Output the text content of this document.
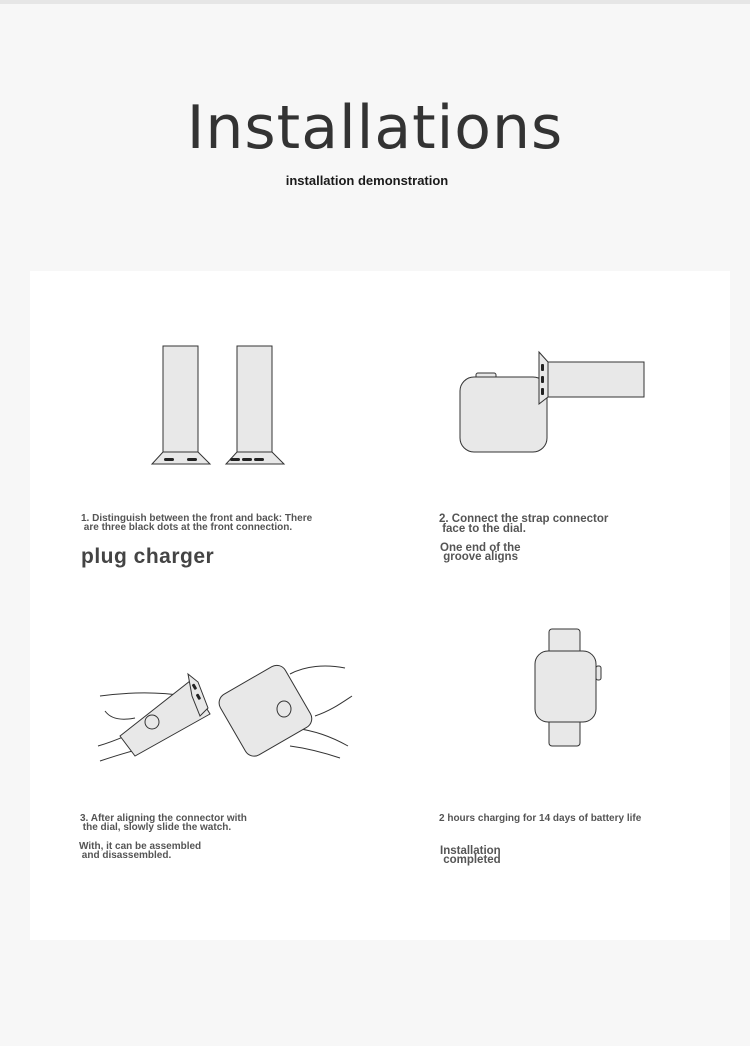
Installations
installation demonstration
1. Distinguish between the front and back: There
are three black dots at the front connection.
plug charger
2. Connect the strap connector
face to the dial.
One end of the
groove aligns
3. After aligning the connector with
the dial, slowly slide the watch.
With, it can be assembled
and disassembled.
2 hours charging for 14 days of battery life
Installation
completed
